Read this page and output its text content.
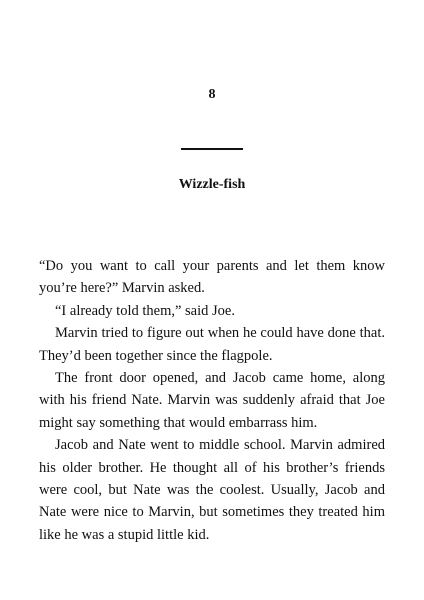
8
Wizzle-fish

“Do you want to call your parents and let them know you’re here?” Marvin asked.

“I already told them,” said Joe.

Marvin tried to figure out when he could have done that. They’d been together since the flagpole.

The front door opened, and Jacob came home, along with his friend Nate. Marvin was suddenly afraid that Joe might say something that would embarrass him.

Jacob and Nate went to middle school. Marvin admired his older brother. He thought all of his brother’s friends were cool, but Nate was the coolest. Usually, Jacob and Nate were nice to Marvin, but sometimes they treated him like he was a stupid little kid.
